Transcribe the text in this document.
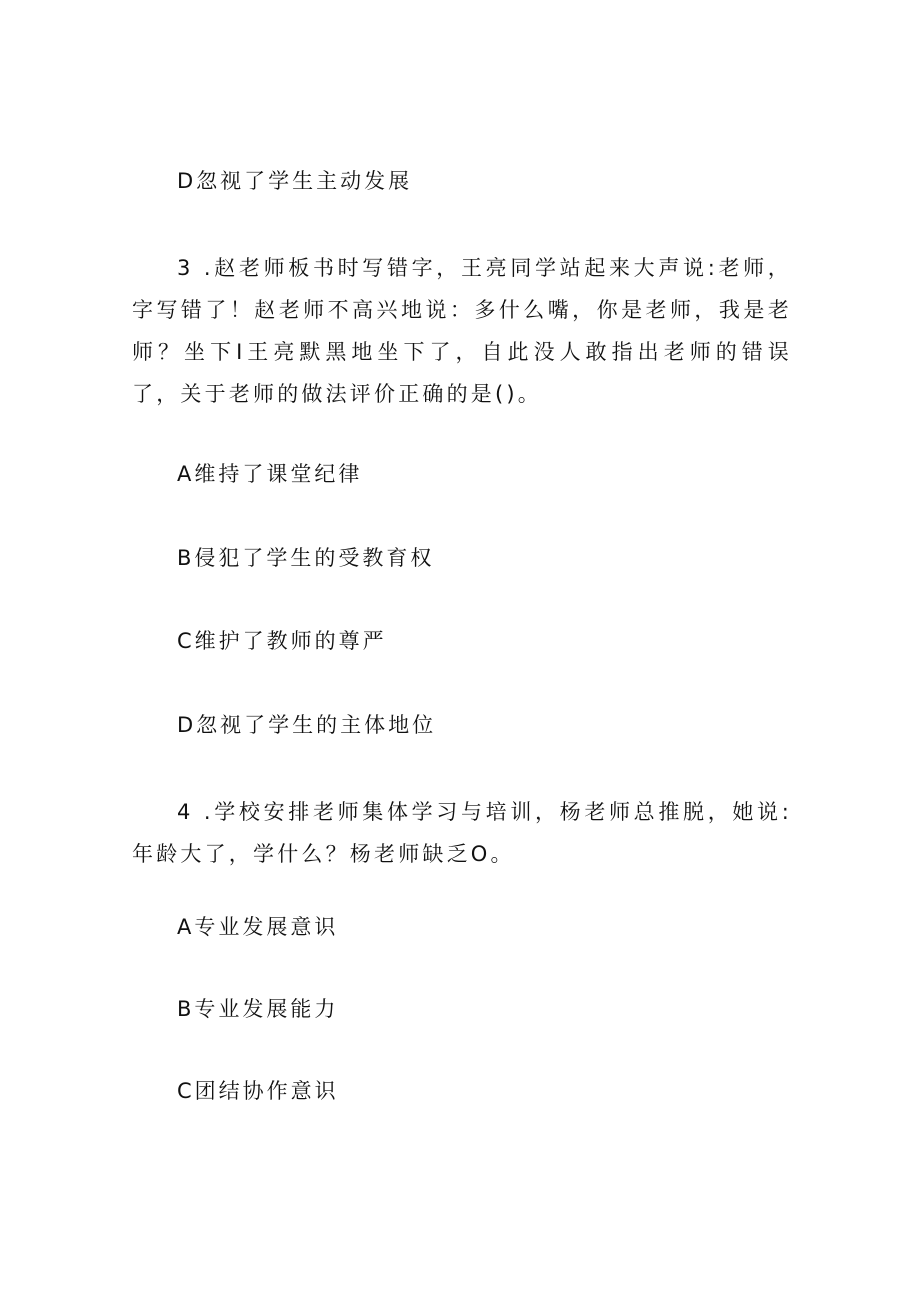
D忽视了学生主动发展
3 .赵老师板书时写错字，王亮同学站起来大声说:老师，字写错了！赵老师不高兴地说：多什么嘴，你是老师，我是老师？坐下I王亮默黑地坐下了，自此没人敢指出老师的错误了，关于老师的做法评价正确的是()。
A维持了课堂纪律
B侵犯了学生的受教育权
C维护了教师的尊严
D忽视了学生的主体地位
4 .学校安排老师集体学习与培训，杨老师总推脱，她说:年龄大了，学什么？杨老师缺乏O。
A专业发展意识
B专业发展能力
C团结协作意识
